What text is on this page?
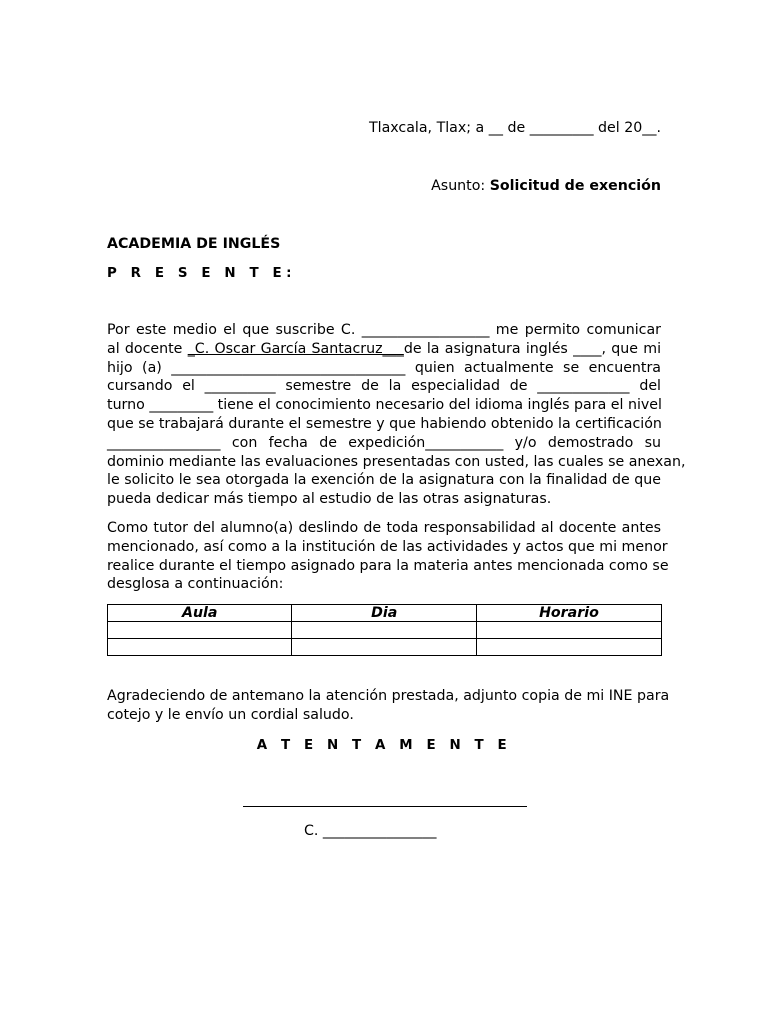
Tlaxcala, Tlax; a __ de _________ del 20__.
Asunto: Solicitud de exención
ACADEMIA DE INGLÉS
P R E S E N T E:
Por este medio el que suscribe C. __________________ me permito comunicar
al docente _C. Oscar García Santacruz___de la asignatura inglés ____, que mi
hijo (a) _________________________________ quien actualmente se encuentra
cursando el __________ semestre de la especialidad de _____________ del
turno _________ tiene el conocimiento necesario del idioma inglés para el nivel
que se trabajará durante el semestre y que habiendo obtenido la certificación
________________ con fecha de expedición___________ y/o demostrado su
dominio mediante las evaluaciones presentadas con usted, las cuales se anexan,
le solicito le sea otorgada la exención de la asignatura con la finalidad de que
pueda dedicar más tiempo al estudio de las otras asignaturas.
Como tutor del alumno(a) deslindo de toda responsabilidad al docente antes
mencionado, así como a la institución de las actividades y actos que mi menor
realice durante el tiempo asignado para la materia antes mencionada como se
desglosa a continuación:
Aula	Dia	Horario

Agradeciendo de antemano la atención prestada, adjunto copia de mi INE para
cotejo y le envío un cordial saludo.
A T E N T A M E N T E
C. ________________
